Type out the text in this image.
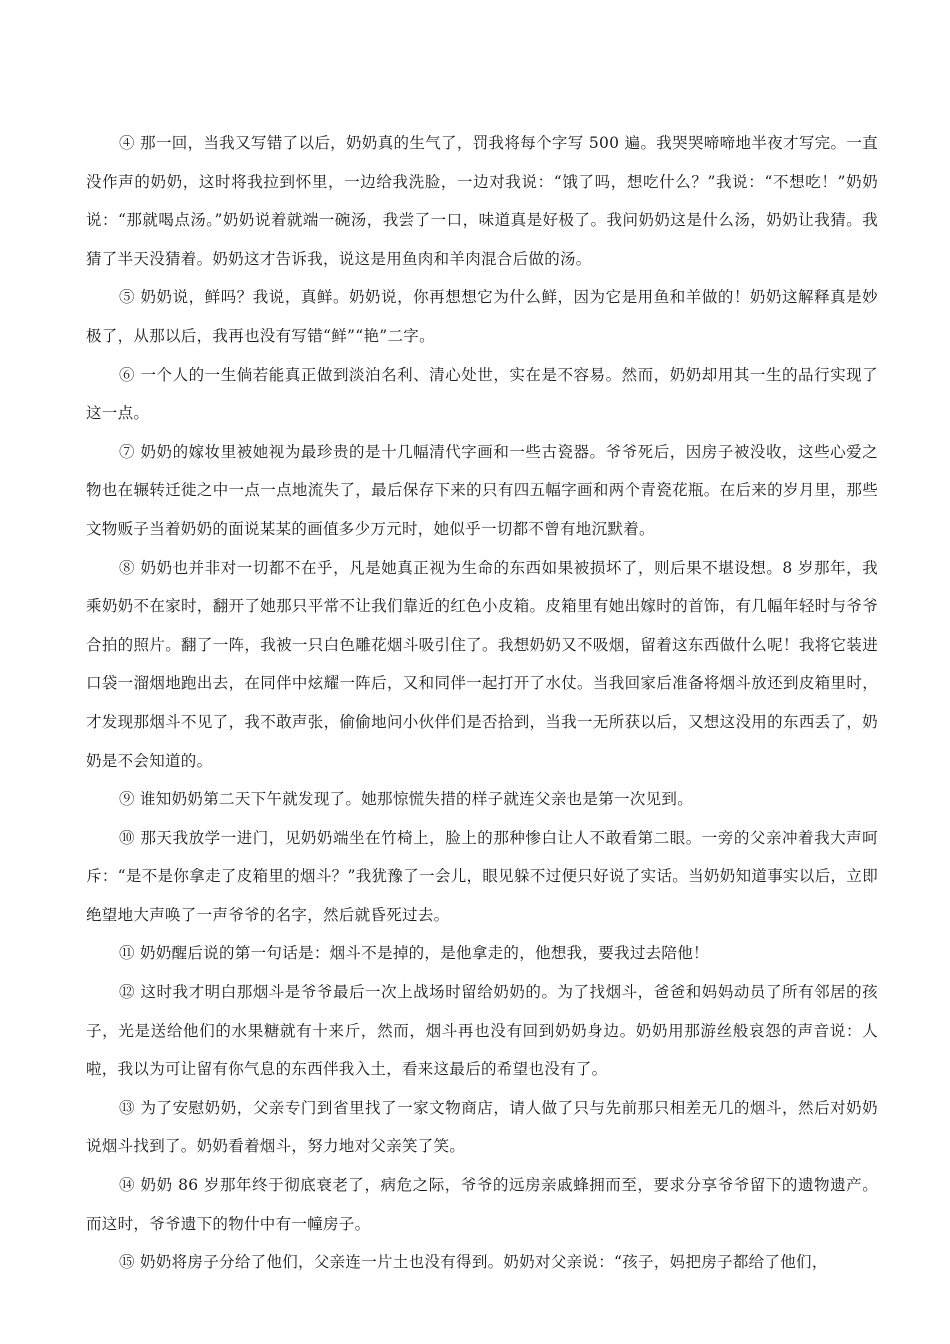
④ 那一回，当我又写错了以后，奶奶真的生气了，罚我将每个字写 500 遍。我哭哭啼啼地半夜才写完。一直没作声的奶奶，这时将我拉到怀里，一边给我洗脸，一边对我说：“饿了吗，想吃什么？”我说：“不想吃！”奶奶说：“那就喝点汤。”奶奶说着就端一碗汤，我尝了一口，味道真是好极了。我问奶奶这是什么汤，奶奶让我猜。我猜了半天没猜着。奶奶这才告诉我，说这是用鱼肉和羊肉混合后做的汤。

⑤ 奶奶说，鲜吗？我说，真鲜。奶奶说，你再想想它为什么鲜，因为它是用鱼和羊做的！奶奶这解释真是妙极了，从那以后，我再也没有写错“鲜”“艳”二字。

⑥ 一个人的一生倘若能真正做到淡泊名利、清心处世，实在是不容易。然而，奶奶却用其一生的品行实现了这一点。

⑦ 奶奶的嫁妆里被她视为最珍贵的是十几幅清代字画和一些古瓷器。爷爷死后，因房子被没收，这些心爱之物也在辗转迁徙之中一点一点地流失了，最后保存下来的只有四五幅字画和两个青瓷花瓶。在后来的岁月里，那些文物贩子当着奶奶的面说某某的画值多少万元时，她似乎一切都不曾有地沉默着。

⑧ 奶奶也并非对一切都不在乎，凡是她真正视为生命的东西如果被损坏了，则后果不堪设想。8 岁那年，我乘奶奶不在家时，翻开了她那只平常不让我们靠近的红色小皮箱。皮箱里有她出嫁时的首饰，有几幅年轻时与爷爷合拍的照片。翻了一阵，我被一只白色雕花烟斗吸引住了。我想奶奶又不吸烟，留着这东西做什么呢！我将它装进口袋一溜烟地跑出去，在同伴中炫耀一阵后，又和同伴一起打开了水仗。当我回家后准备将烟斗放还到皮箱里时，才发现那烟斗不见了，我不敢声张，偷偷地问小伙伴们是否拾到，当我一无所获以后，又想这没用的东西丢了，奶奶是不会知道的。

⑨ 谁知奶奶第二天下午就发现了。她那惊慌失措的样子就连父亲也是第一次见到。

⑩ 那天我放学一进门，见奶奶端坐在竹椅上，脸上的那种惨白让人不敢看第二眼。一旁的父亲冲着我大声呵斥：“是不是你拿走了皮箱里的烟斗？”我犹豫了一会儿，眼见躲不过便只好说了实话。当奶奶知道事实以后，立即绝望地大声唤了一声爷爷的名字，然后就昏死过去。

⑪ 奶奶醒后说的第一句话是：烟斗不是掉的，是他拿走的，他想我，要我过去陪他！

⑫ 这时我才明白那烟斗是爷爷最后一次上战场时留给奶奶的。为了找烟斗，爸爸和妈妈动员了所有邻居的孩子，光是送给他们的水果糖就有十来斤，然而，烟斗再也没有回到奶奶身边。奶奶用那游丝般哀怨的声音说：人啦，我以为可让留有你气息的东西伴我入土，看来这最后的希望也没有了。

⑬ 为了安慰奶奶，父亲专门到省里找了一家文物商店，请人做了只与先前那只相差无几的烟斗，然后对奶奶说烟斗找到了。奶奶看着烟斗，努力地对父亲笑了笑。

⑭ 奶奶 86 岁那年终于彻底衰老了，病危之际，爷爷的远房亲戚蜂拥而至，要求分享爷爷留下的遗物遗产。而这时，爷爷遗下的物什中有一幢房子。

⑮ 奶奶将房子分给了他们，父亲连一片土也没有得到。奶奶对父亲说：“孩子，妈把房子都给了他们，
